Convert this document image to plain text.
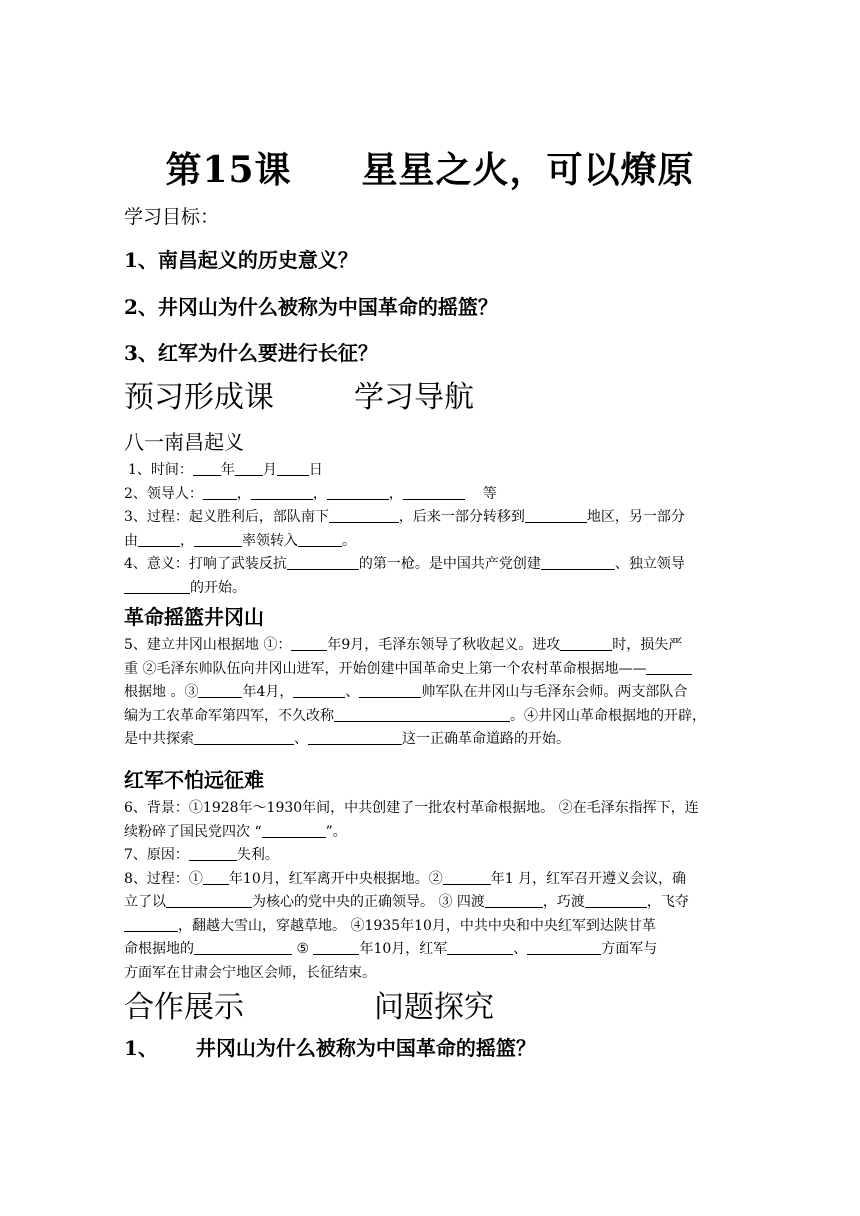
第15课 星星之火，可以燎原
学习目标：
1、南昌起义的历史意义？
2、井冈山为什么被称为中国革命的摇篮？
3、红军为什么要进行长征？
预习形成课	学习导航
八一南昌起义

1、时间： 年 月 日

2、领导人： ，	，	，	等

3、过程：起义胜利后，部队南下	，后来一部分转移到	地区，另一部分

由	，	率领转入	。

4、意义：打响了武装反抗	的第一枪。是中国共产党创建	、独立领导

的开始。

革命摇篮井冈山

5、建立井冈山根据地 ①：	年9月，毛泽东领导了秋收起义。进攻	时，损失严

重 ②毛泽东帅队伍向井冈山进军，开始创建中国革命史上第一个农村革命根据地——

根据地 。③	年4月，	、	帅军队在井冈山与毛泽东会师。两支部队合

编为工农革命军第四军，不久改称	。④井冈山革命根据地的开辟，

是中共探索	、	这一正确革命道路的开始。

红军不怕远征难

6、背景：①1928年～1930年间，中共创建了一批农村革命根据地。 ②在毛泽东指挥下，连

续粉碎了国民党四次 “	”。

7、原因：	失利。

8、过程：① 年10月，红军离开中央根据地。②	年1 月，红军召开遵义会议，确

立了以	为核心的党中央的正确领导。 ③ 四渡	，巧渡	，飞夺

，翻越大雪山，穿越草地。 ④1935年10月，中共中央和中央红军到达陕甘革

命根据地的	⑤	年10月，红军	、	方面军与

方面军在甘肃会宁地区会师，长征结束。

合作展示	问题探究
1、 井冈山为什么被称为中国革命的摇篮？
